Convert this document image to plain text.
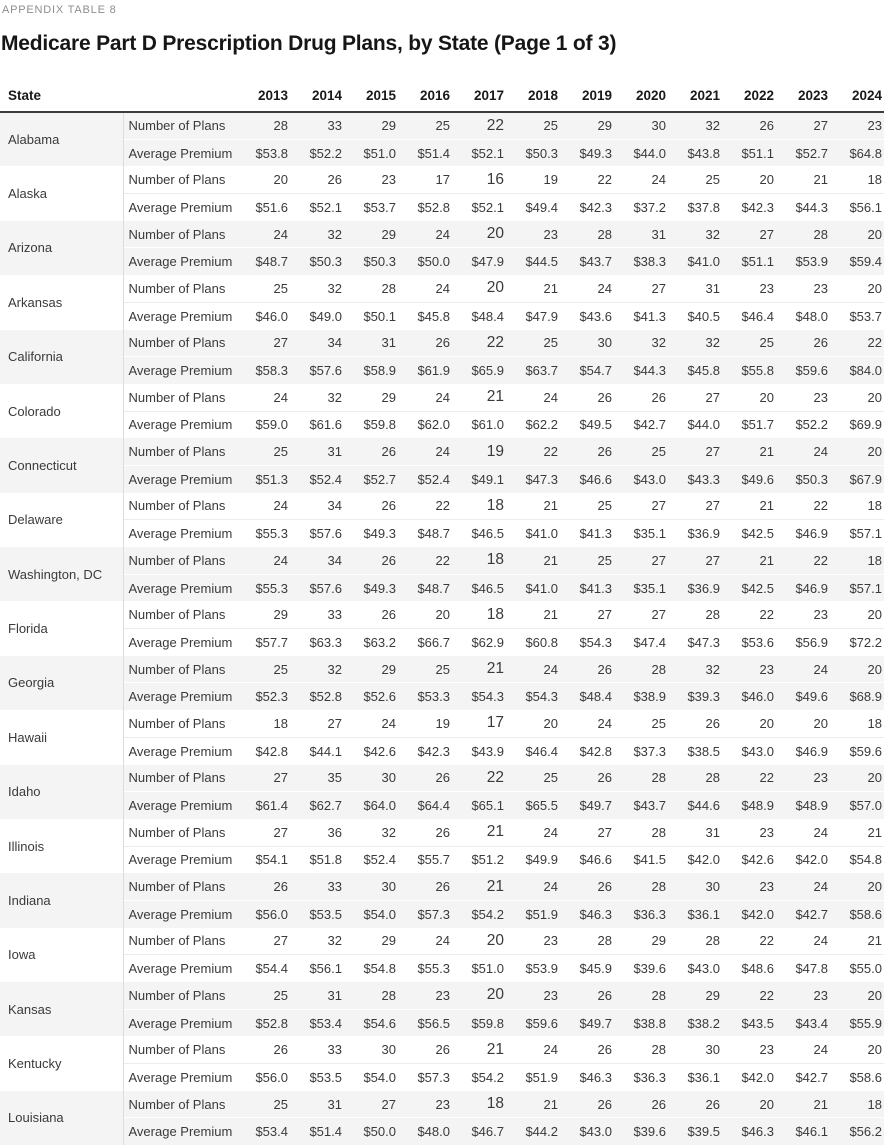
APPENDIX TABLE 8
Medicare Part D Prescription Drug Plans, by State (Page 1 of 3)
State		2013	2014	2015	2016	2017	2018	2019	2020	2021	2022	2023	2024
Alabama	Number of Plans	28	33	29	25	22	25	29	30	32	26	27	23
	Average Premium	$53.8	$52.2	$51.0	$51.4	$52.1	$50.3	$49.3	$44.0	$43.8	$51.1	$52.7	$64.8
Alaska	Number of Plans	20	26	23	17	16	19	22	24	25	20	21	18
	Average Premium	$51.6	$52.1	$53.7	$52.8	$52.1	$49.4	$42.3	$37.2	$37.8	$42.3	$44.3	$56.1
Arizona	Number of Plans	24	32	29	24	20	23	28	31	32	27	28	20
	Average Premium	$48.7	$50.3	$50.3	$50.0	$47.9	$44.5	$43.7	$38.3	$41.0	$51.1	$53.9	$59.4
Arkansas	Number of Plans	25	32	28	24	20	21	24	27	31	23	23	20
	Average Premium	$46.0	$49.0	$50.1	$45.8	$48.4	$47.9	$43.6	$41.3	$40.5	$46.4	$48.0	$53.7
California	Number of Plans	27	34	31	26	22	25	30	32	32	25	26	22
	Average Premium	$58.3	$57.6	$58.9	$61.9	$65.9	$63.7	$54.7	$44.3	$45.8	$55.8	$59.6	$84.0
Colorado	Number of Plans	24	32	29	24	21	24	26	26	27	20	23	20
	Average Premium	$59.0	$61.6	$59.8	$62.0	$61.0	$62.2	$49.5	$42.7	$44.0	$51.7	$52.2	$69.9
Connecticut	Number of Plans	25	31	26	24	19	22	26	25	27	21	24	20
	Average Premium	$51.3	$52.4	$52.7	$52.4	$49.1	$47.3	$46.6	$43.0	$43.3	$49.6	$50.3	$67.9
Delaware	Number of Plans	24	34	26	22	18	21	25	27	27	21	22	18
	Average Premium	$55.3	$57.6	$49.3	$48.7	$46.5	$41.0	$41.3	$35.1	$36.9	$42.5	$46.9	$57.1
Washington, DC	Number of Plans	24	34	26	22	18	21	25	27	27	21	22	18
	Average Premium	$55.3	$57.6	$49.3	$48.7	$46.5	$41.0	$41.3	$35.1	$36.9	$42.5	$46.9	$57.1
Florida	Number of Plans	29	33	26	20	18	21	27	27	28	22	23	20
	Average Premium	$57.7	$63.3	$63.2	$66.7	$62.9	$60.8	$54.3	$47.4	$47.3	$53.6	$56.9	$72.2
Georgia	Number of Plans	25	32	29	25	21	24	26	28	32	23	24	20
	Average Premium	$52.3	$52.8	$52.6	$53.3	$54.3	$54.3	$48.4	$38.9	$39.3	$46.0	$49.6	$68.9
Hawaii	Number of Plans	18	27	24	19	17	20	24	25	26	20	20	18
	Average Premium	$42.8	$44.1	$42.6	$42.3	$43.9	$46.4	$42.8	$37.3	$38.5	$43.0	$46.9	$59.6
Idaho	Number of Plans	27	35	30	26	22	25	26	28	28	22	23	20
	Average Premium	$61.4	$62.7	$64.0	$64.4	$65.1	$65.5	$49.7	$43.7	$44.6	$48.9	$48.9	$57.0
Illinois	Number of Plans	27	36	32	26	21	24	27	28	31	23	24	21
	Average Premium	$54.1	$51.8	$52.4	$55.7	$51.2	$49.9	$46.6	$41.5	$42.0	$42.6	$42.0	$54.8
Indiana	Number of Plans	26	33	30	26	21	24	26	28	30	23	24	20
	Average Premium	$56.0	$53.5	$54.0	$57.3	$54.2	$51.9	$46.3	$36.3	$36.1	$42.0	$42.7	$58.6
Iowa	Number of Plans	27	32	29	24	20	23	28	29	28	22	24	21
	Average Premium	$54.4	$56.1	$54.8	$55.3	$51.0	$53.9	$45.9	$39.6	$43.0	$48.6	$47.8	$55.0
Kansas	Number of Plans	25	31	28	23	20	23	26	28	29	22	23	20
	Average Premium	$52.8	$53.4	$54.6	$56.5	$59.8	$59.6	$49.7	$38.8	$38.2	$43.5	$43.4	$55.9
Kentucky	Number of Plans	26	33	30	26	21	24	26	28	30	23	24	20
	Average Premium	$56.0	$53.5	$54.0	$57.3	$54.2	$51.9	$46.3	$36.3	$36.1	$42.0	$42.7	$58.6
Louisiana	Number of Plans	25	31	27	23	18	21	26	26	26	20	21	18
	Average Premium	$53.4	$51.4	$50.0	$48.0	$46.7	$44.2	$43.0	$39.6	$39.5	$46.3	$46.1	$56.2
